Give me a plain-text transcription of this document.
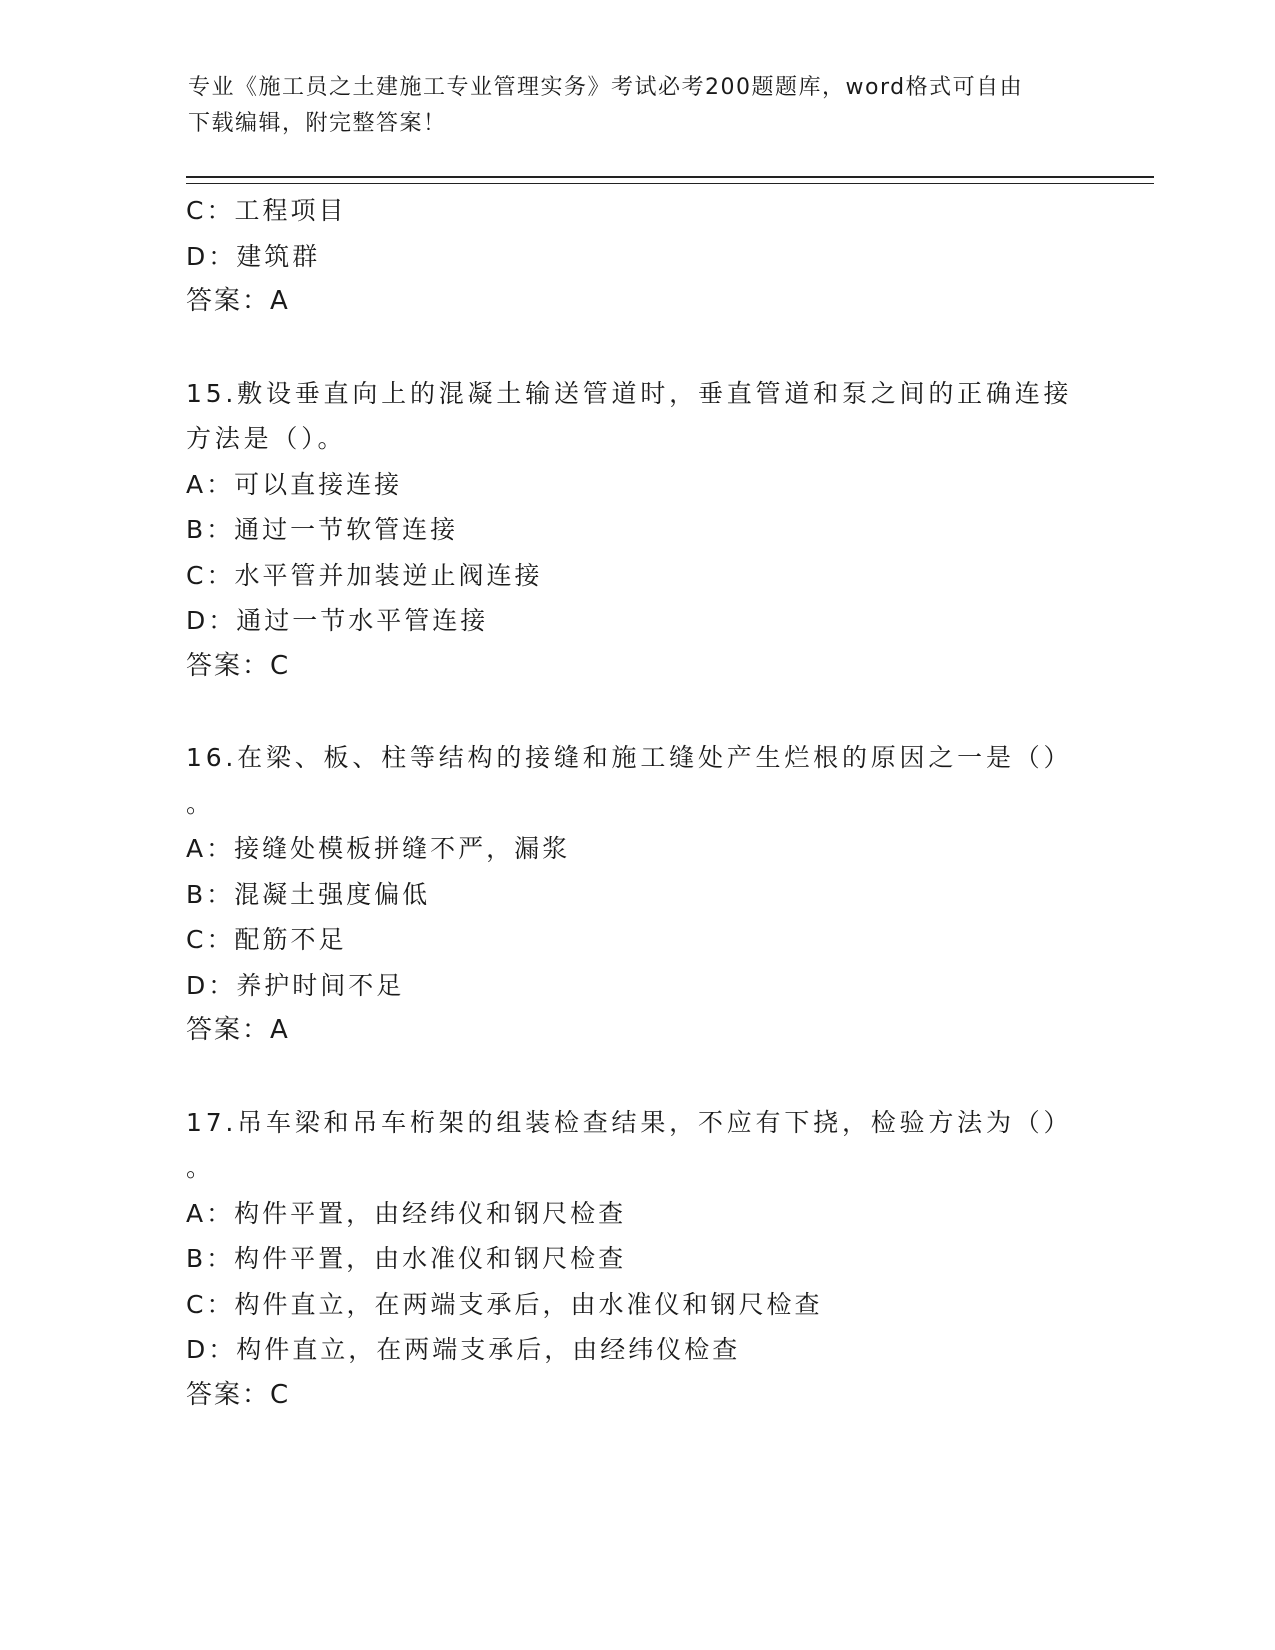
专业《施工员之土建施工专业管理实务》考试必考200题题库，word格式可自由
下载编辑，附完整答案！
C：工程项目
D：建筑群
答案：A
15.敷设垂直向上的混凝土输送管道时，垂直管道和泵之间的正确连接
方法是（）。
A：可以直接连接
B：通过一节软管连接
C：水平管并加装逆止阀连接
D：通过一节水平管连接
答案：C
16.在梁、板、柱等结构的接缝和施工缝处产生烂根的原因之一是（）
。
A：接缝处模板拼缝不严，漏浆
B：混凝土强度偏低
C：配筋不足
D：养护时间不足
答案：A
17.吊车梁和吊车桁架的组装检查结果，不应有下挠，检验方法为（）
。
A：构件平置，由经纬仪和钢尺检查
B：构件平置，由水准仪和钢尺检查
C：构件直立，在两端支承后，由水准仪和钢尺检查
D：构件直立，在两端支承后，由经纬仪检查
答案：C
